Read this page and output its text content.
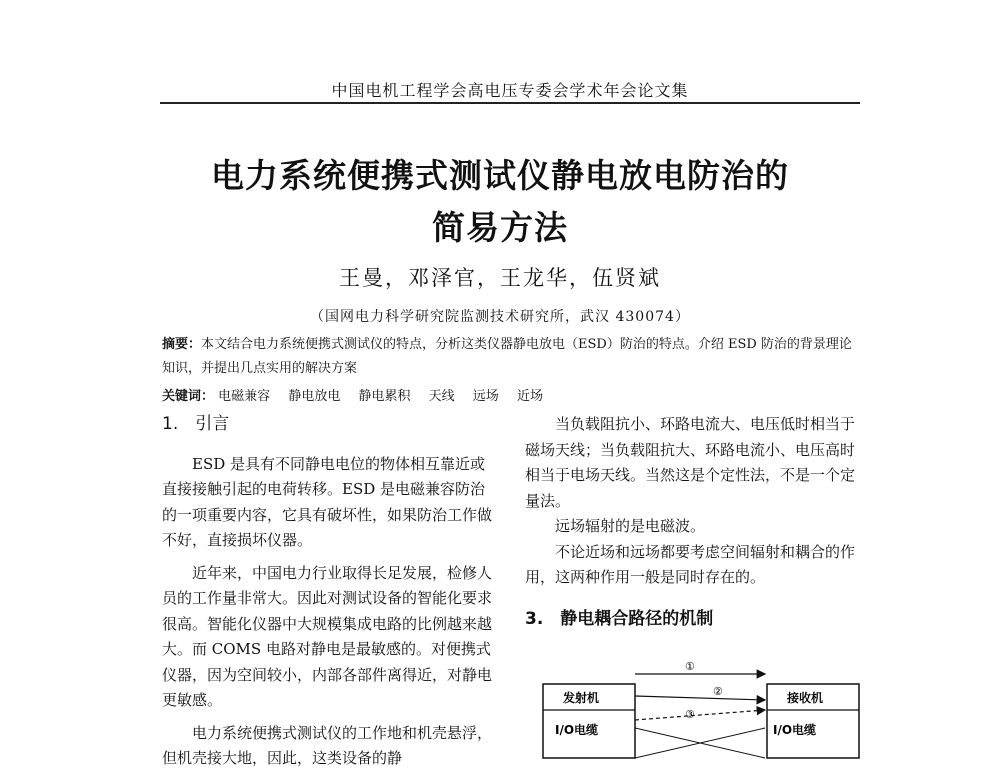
中国电机工程学会高电压专委会学术年会论文集
电力系统便携式测试仪静电放电防治的
简易方法
王曼，邓泽官，王龙华，伍贤斌
（国网电力科学研究院监测技术研究所，武汉 430074）
摘要：本文结合电力系统便携式测试仪的特点，分析这类仪器静电放电（ESD）防治的特点。介绍 ESD 防治的背景理论知识，并提出几点实用的解决方案
关键词： 电磁兼容 静电放电 静电累积 天线 远场 近场
1.　引言

ESD 是具有不同静电电位的物体相互靠近或直接接触引起的电荷转移。ESD 是电磁兼容防治的一项重要内容，它具有破坏性，如果防治工作做不好，直接损坏仪器。

近年来，中国电力行业取得长足发展，检修人员的工作量非常大。因此对测试设备的智能化要求很高。智能化仪器中大规模集成电路的比例越来越大。而 COMS 电路对静电是最敏感的。对便携式仪器，因为空间较小，内部各部件离得近，对静电更敏感。

电力系统便携式测试仪的工作地和机壳悬浮，但机壳接大地，因此，这类设备的静

当负载阻抗小、环路电流大、电压低时相当于磁场天线；当负载阻抗大、环路电流小、电压高时相当于电场天线。当然这是个定性法，不是一个定量法。

远场辐射的是电磁波。

不论近场和远场都要考虑空间辐射和耦合的作用，这两种作用一般是同时存在的。

3.　静电耦合路径的机制
发射机
I/O电缆
接收机
I/O电缆
①
②
③
